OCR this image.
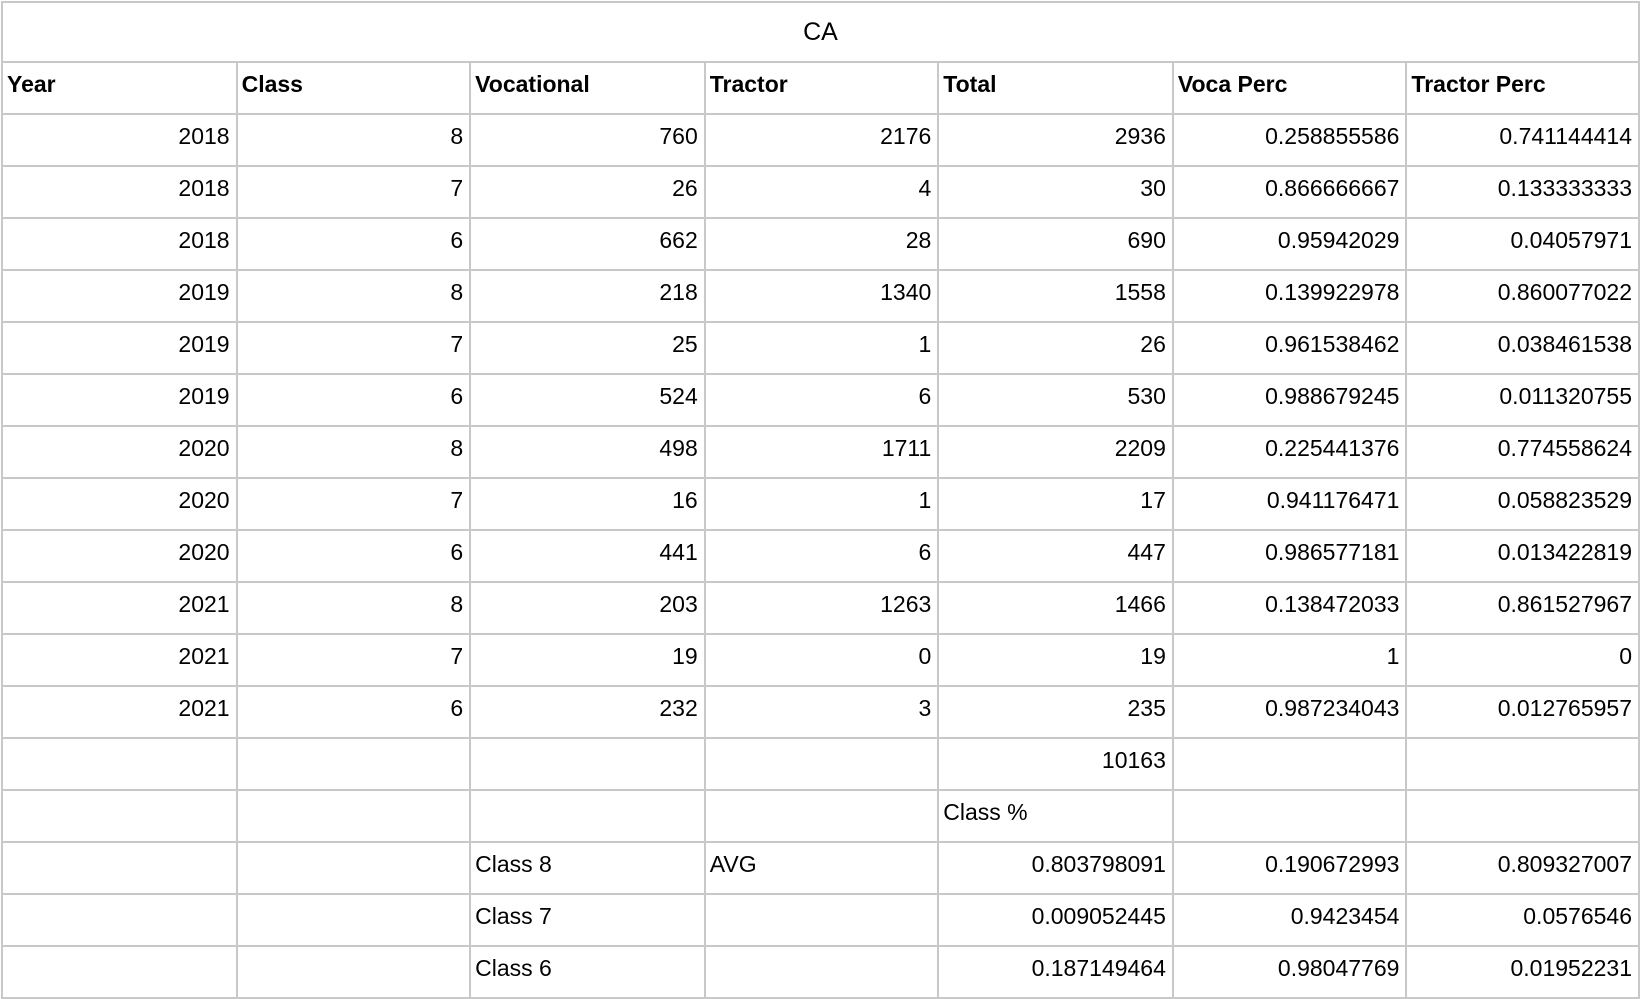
CA
Year	Class	Vocational	Tractor	Total	Voca Perc	Tractor Perc
2018	8	760	2176	2936	0.258855586	0.741144414
2018	7	26	4	30	0.866666667	0.133333333
2018	6	662	28	690	0.95942029	0.04057971
2019	8	218	1340	1558	0.139922978	0.860077022
2019	7	25	1	26	0.961538462	0.038461538
2019	6	524	6	530	0.988679245	0.011320755
2020	8	498	1711	2209	0.225441376	0.774558624
2020	7	16	1	17	0.941176471	0.058823529
2020	6	441	6	447	0.986577181	0.013422819
2021	8	203	1263	1466	0.138472033	0.861527967
2021	7	19	0	19	1	0
2021	6	232	3	235	0.987234043	0.012765957
				10163		
				Class %		
		Class 8	AVG	0.803798091	0.190672993	0.809327007
		Class 7		0.009052445	0.9423454	0.0576546
		Class 6		0.187149464	0.98047769	0.01952231
